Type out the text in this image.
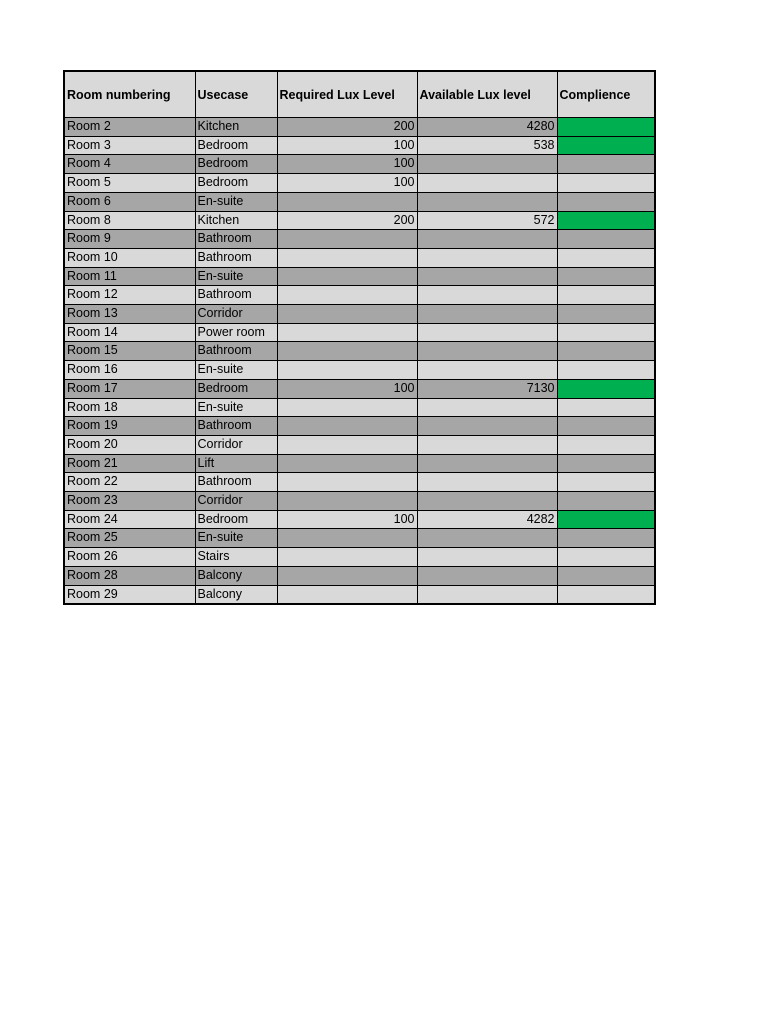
Room numbering	Usecase	Required Lux Level	Available Lux level	Complience
Room 2	Kitchen	200	4280	
Room 3	Bedroom	100	538	
Room 4	Bedroom	100		
Room 5	Bedroom	100		
Room 6	En-suite			
Room 8	Kitchen	200	572	
Room 9	Bathroom			
Room 10	Bathroom			
Room 11	En-suite			
Room 12	Bathroom			
Room 13	Corridor			
Room 14	Power room			
Room 15	Bathroom			
Room 16	En-suite			
Room 17	Bedroom	100	7130	
Room 18	En-suite			
Room 19	Bathroom			
Room 20	Corridor			
Room 21	Lift			
Room 22	Bathroom			
Room 23	Corridor			
Room 24	Bedroom	100	4282	
Room 25	En-suite			
Room 26	Stairs			
Room 28	Balcony			
Room 29	Balcony			
